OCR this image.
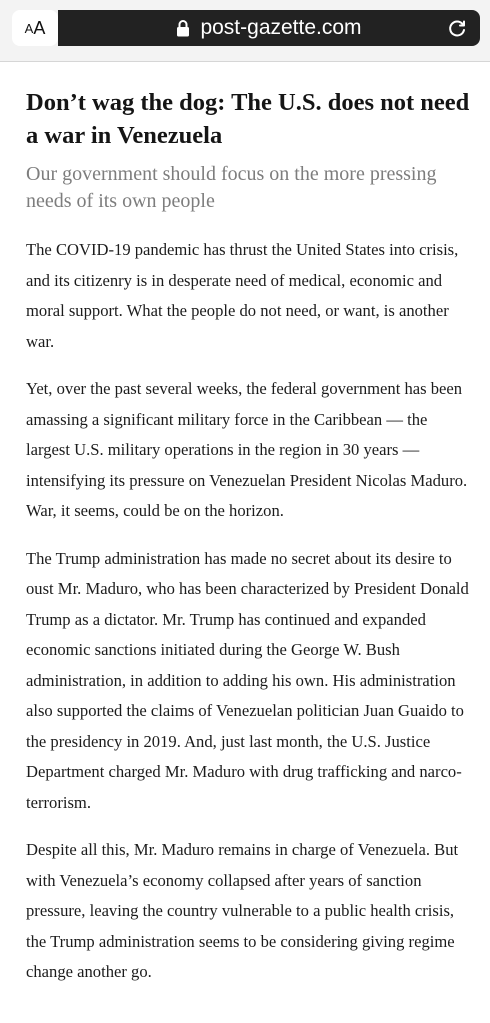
A A	post-gazette.com
Don’t wag the dog: The U.S. does not need a war in Venezuela

Our government should focus on the more pressing needs of its own people

The COVID-19 pandemic has thrust the United States into crisis, and its citizenry is in desperate need of medical, economic and moral support. What the people do not need, or want, is another war.

Yet, over the past several weeks, the federal government has been amassing a significant military force in the Caribbean — the largest U.S. military operations in the region in 30 years — intensifying its pressure on Venezuelan President Nicolas Maduro. War, it seems, could be on the horizon.

The Trump administration has made no secret about its desire to oust Mr. Maduro, who has been characterized by President Donald Trump as a dictator. Mr. Trump has continued and expanded economic sanctions initiated during the George W. Bush administration, in addition to adding his own. His administration also supported the claims of Venezuelan politician Juan Guaido to the presidency in 2019. And, just last month, the U.S. Justice Department charged Mr. Maduro with drug trafficking and narco-terrorism.

Despite all this, Mr. Maduro remains in charge of Venezuela. But with Venezuela’s economy collapsed after years of sanction pressure, leaving the country vulnerable to a public health crisis, the Trump administration seems to be considering giving regime change another go.
